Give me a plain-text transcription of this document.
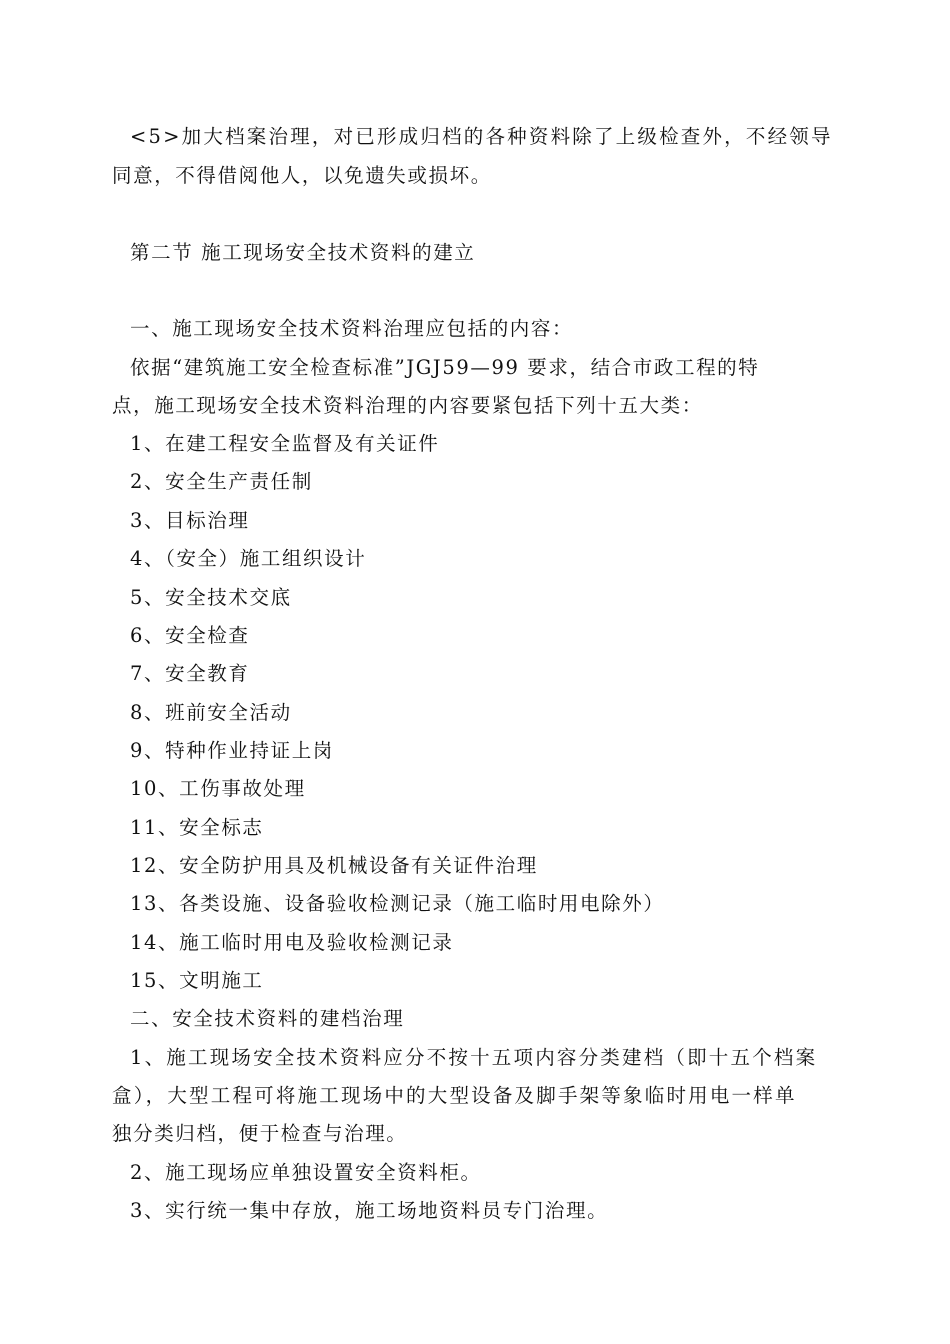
<5>加大档案治理，对已形成归档的各种资料除了上级检查外，不经领导
同意，不得借阅他人，以免遗失或损坏。
第二节 施工现场安全技术资料的建立
一、施工现场安全技术资料治理应包括的内容：
依据“建筑施工安全检查标准”JGJ59—99 要求，结合市政工程的特
点，施工现场安全技术资料治理的内容要紧包括下列十五大类：
1、在建工程安全监督及有关证件
2、安全生产责任制
3、目标治理
4、（安全）施工组织设计
5、安全技术交底
6、安全检查
7、安全教育
8、班前安全活动
9、特种作业持证上岗
10、工伤事故处理
11、安全标志
12、安全防护用具及机械设备有关证件治理
13、各类设施、设备验收检测记录（施工临时用电除外）
14、施工临时用电及验收检测记录
15、文明施工
二、安全技术资料的建档治理
1、施工现场安全技术资料应分不按十五项内容分类建档（即十五个档案
盒），大型工程可将施工现场中的大型设备及脚手架等象临时用电一样单
独分类归档，便于检查与治理。
2、施工现场应单独设置安全资料柜。
3、实行统一集中存放，施工场地资料员专门治理。
